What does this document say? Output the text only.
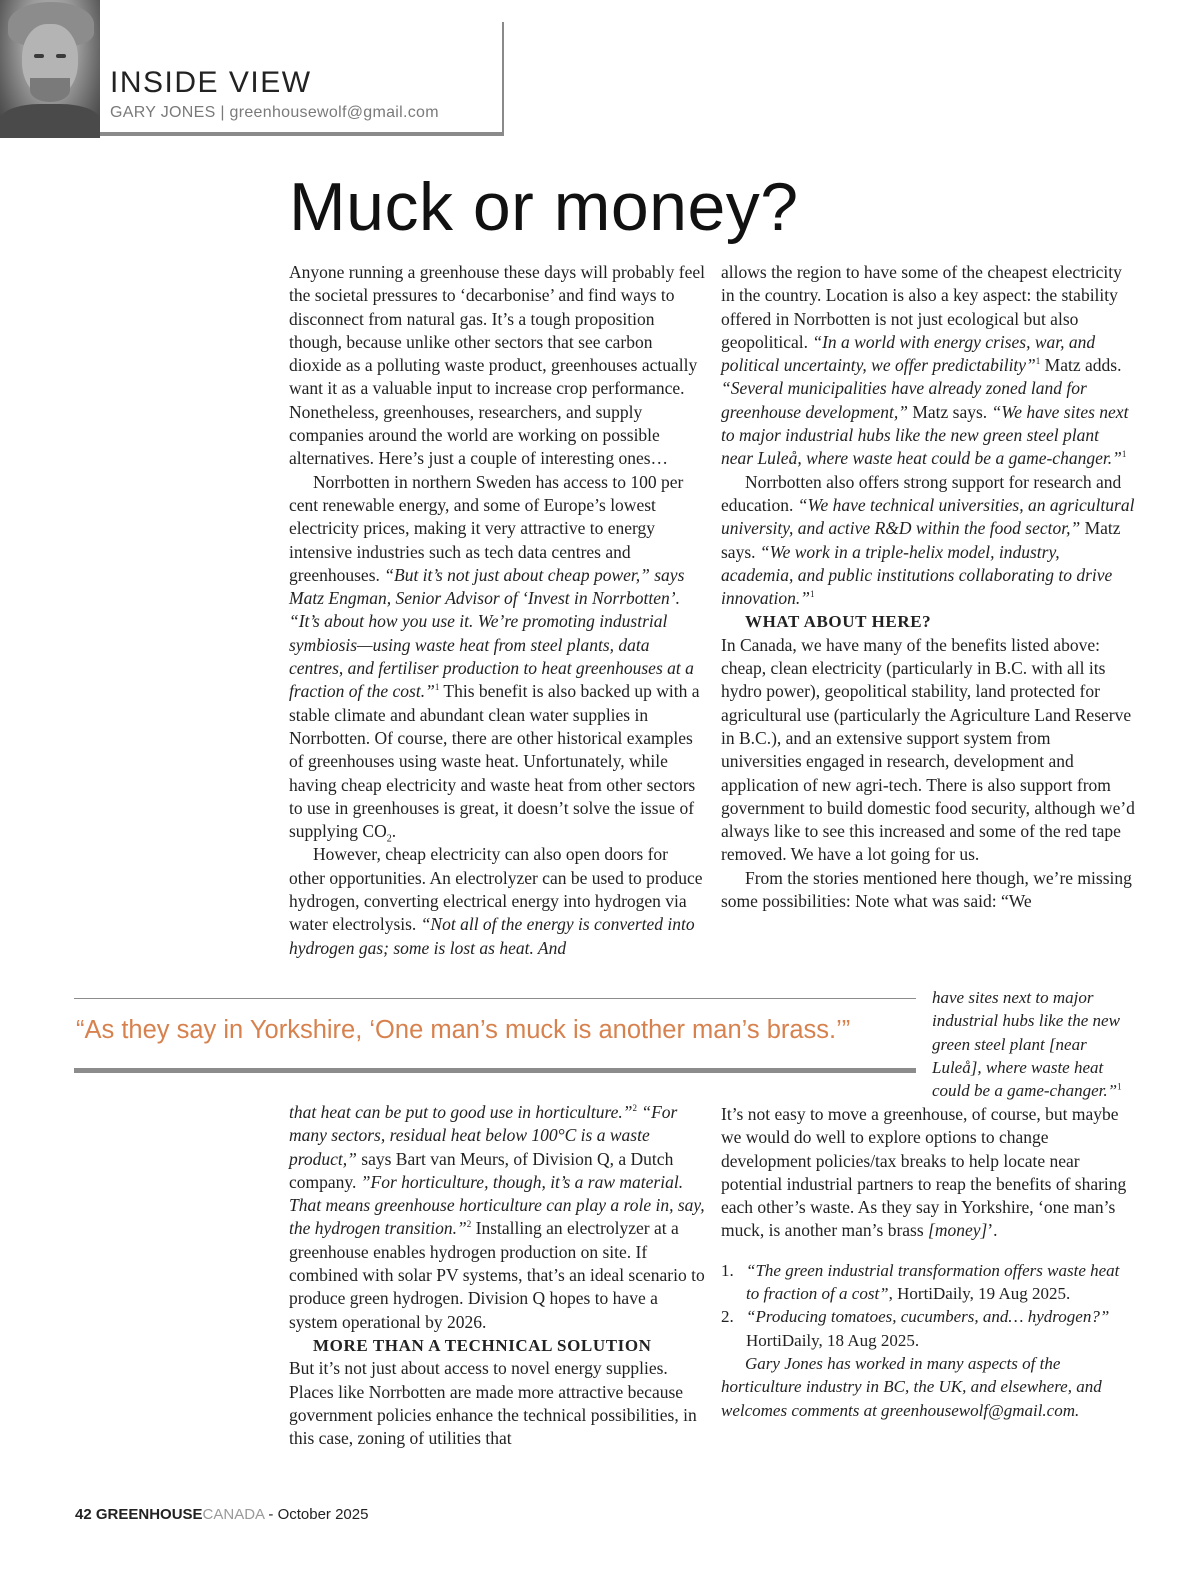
INSIDE VIEW
GARY JONES | greenhousewolf@gmail.com
Muck or money?

Anyone running a greenhouse these days will probably feel the societal pressures to ‘decarbonise’ and find ways to disconnect from natural gas. It’s a tough proposition though, because unlike other sectors that see carbon dioxide as a polluting waste product, greenhouses actually want it as a valuable input to increase crop performance. Nonetheless, greenhouses, researchers, and supply companies around the world are working on possible alternatives. Here’s just a couple of interesting ones…

Norrbotten in northern Sweden has access to 100 per cent renewable energy, and some of Europe’s lowest electricity prices, making it very attractive to energy intensive industries such as tech data centres and greenhouses. “But it’s not just about cheap power,” says Matz Engman, Senior Advisor of ‘Invest in Norrbotten’. “It’s about how you use it. We’re promoting industrial symbiosis—using waste heat from steel plants, data centres, and fertiliser production to heat greenhouses at a fraction of the cost.”$^1$ This benefit is also backed up with a stable climate and abundant clean water supplies in Norrbotten. Of course, there are other historical examples of greenhouses using waste heat. Unfortunately, while having cheap electricity and waste heat from other sectors to use in greenhouses is great, it doesn’t solve the issue of supplying $CO_2$.

However, cheap electricity can also open doors for other opportunities. An electrolyzer can be used to produce hydrogen, converting electrical energy into hydrogen via water electrolysis. “Not all of the energy is converted into hydrogen gas; some is lost as heat. And

allows the region to have some of the cheapest electricity in the country. Location is also a key aspect: the stability offered in Norrbotten is not just ecological but also geopolitical. “In a world with energy crises, war, and political uncertainty, we offer predictability”$^1$ Matz adds. “Several municipalities have already zoned land for greenhouse development,” Matz says. “We have sites next to major industrial hubs like the new green steel plant near Luleå, where waste heat could be a game-changer.”$^1$

Norrbotten also offers strong support for research and education. “We have technical universities, an agricultural university, and active R&D within the food sector,” Matz says. “We work in a triple-helix model, industry, academia, and public institutions collaborating to drive innovation.”$^1$

WHAT ABOUT HERE?

In Canada, we have many of the benefits listed above: cheap, clean electricity (particularly in B.C. with all its hydro power), geopolitical stability, land protected for agricultural use (particularly the Agriculture Land Reserve in B.C.), and an extensive support system from universities engaged in research, development and application of new agri-tech. There is also support from government to build domestic food security, although we’d always like to see this increased and some of the red tape removed. We have a lot going for us.

From the stories mentioned here though, we’re missing some possibilities: Note what was said: “We

have sites next to major industrial hubs like the new green steel plant [near Luleå], where waste heat could be a game-changer.”$^1$
“As they say in Yorkshire, ‘One man’s muck is another man’s brass.’”

that heat can be put to good use in horticulture.”$^2$ “For many sectors, residual heat below 100°C is a waste product,” says Bart van Meurs, of Division Q, a Dutch company. ”For horticulture, though, it’s a raw material. That means greenhouse horticulture can play a role in, say, the hydrogen transition.”$^2$ Installing an electrolyzer at a greenhouse enables hydrogen production on site. If combined with solar PV systems, that’s an ideal scenario to produce green hydrogen. Division Q hopes to have a system operational by 2026.

MORE THAN A TECHNICAL SOLUTION

But it’s not just about access to novel energy supplies. Places like Norrbotten are made more attractive because government policies enhance the technical possibilities, in this case, zoning of utilities that

It’s not easy to move a greenhouse, of course, but maybe we would do well to explore options to change development policies/tax breaks to help locate near potential industrial partners to reap the benefits of sharing each other’s waste. As they say in Yorkshire, ‘one man’s muck, is another man’s brass [money]’.

1. “The green industrial transformation offers waste heat to fraction of a cost”, HortiDaily, 19 Aug 2025.
2. “Producing tomatoes, cucumbers, and… hydrogen?” HortiDaily, 18 Aug 2025.

Gary Jones has worked in many aspects of the horticulture industry in BC, the UK, and elsewhere, and welcomes comments at greenhousewolf@gmail.com.

42 GREENHOUSECANADA - October 2025
